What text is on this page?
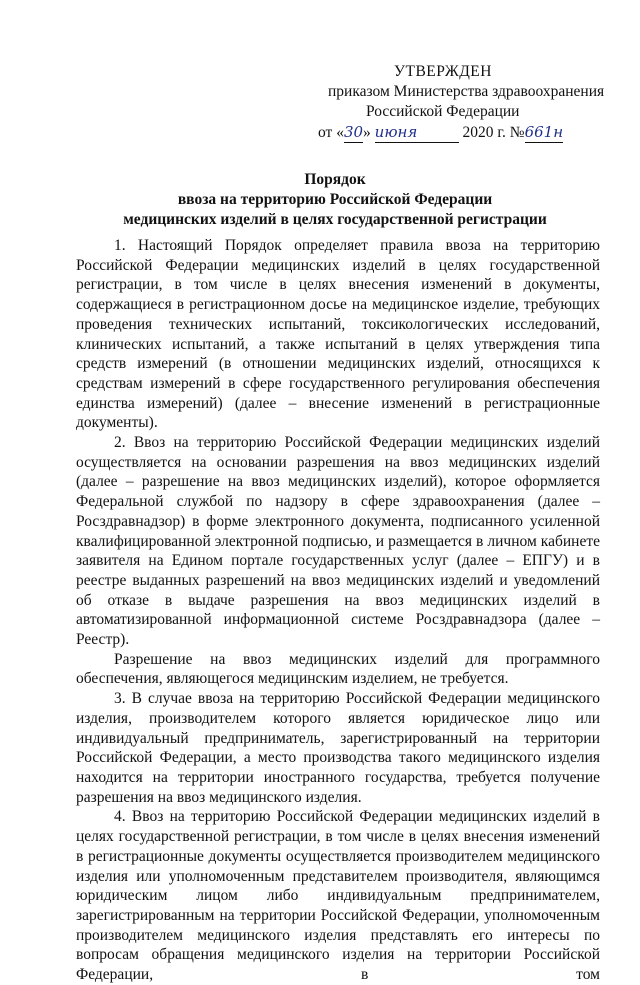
УТВЕРЖДЕН
приказом Министерства здравоохранения
Российской Федерации
от «30» июня	2020 г. №661н
Порядок
ввоза на территорию Российской Федерации
медицинских изделий в целях государственной регистрации

1. Настоящий Порядок определяет правила ввоза на территорию Российской Федерации медицинских изделий в целях государственной регистрации, в том числе в целях внесения изменений в документы, содержащиеся в регистрационном досье на медицинское изделие, требующих проведения технических испытаний, токсикологических исследований, клинических испытаний, а также испытаний в целях утверждения типа средств измерений (в отношении медицинских изделий, относящихся к средствам измерений в сфере государственного регулирования обеспечения единства измерений) (далее – внесение изменений в регистрационные документы).

2. Ввоз на территорию Российской Федерации медицинских изделий осуществляется на основании разрешения на ввоз медицинских изделий (далее – разрешение на ввоз медицинских изделий), которое оформляется Федеральной службой по надзору в сфере здравоохранения (далее – Росздравнадзор) в форме электронного документа, подписанного усиленной квалифицированной электронной подписью, и размещается в личном кабинете заявителя на Едином портале государственных услуг (далее – ЕПГУ) и в реестре выданных разрешений на ввоз медицинских изделий и уведомлений об отказе в выдаче разрешения на ввоз медицинских изделий в автоматизированной информационной системе Росздравнадзора (далее – Реестр).

Разрешение на ввоз медицинских изделий для программного обеспечения, являющегося медицинским изделием, не требуется.

3. В случае ввоза на территорию Российской Федерации медицинского изделия, производителем которого является юридическое лицо или индивидуальный предприниматель, зарегистрированный на территории Российской Федерации, а место производства такого медицинского изделия находится на территории иностранного государства, требуется получение разрешения на ввоз медицинского изделия.

4. Ввоз на территорию Российской Федерации медицинских изделий в целях государственной регистрации, в том числе в целях внесения изменений в регистрационные документы осуществляется производителем медицинского изделия или уполномоченным представителем производителя, являющимся юридическим лицом либо индивидуальным предпринимателем, зарегистрированным на территории Российской Федерации, уполномоченным производителем медицинского изделия представлять его интересы по вопросам обращения медицинского изделия на территории Российской Федерации, в том
